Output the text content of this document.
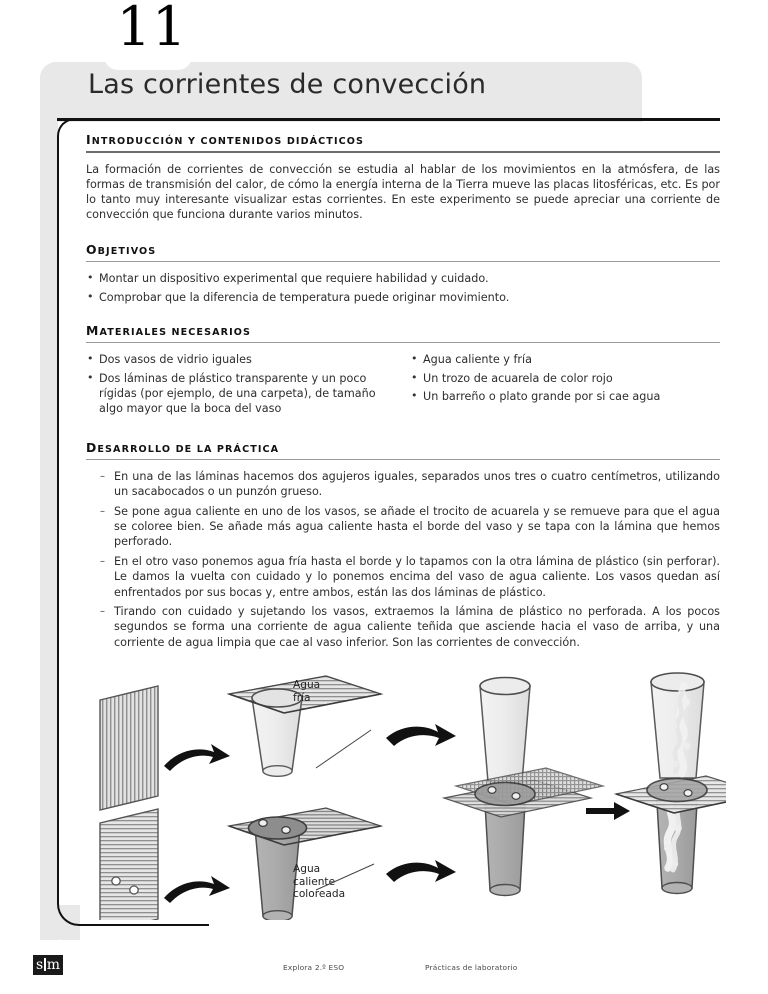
11
Las corrientes de convección
INTRODUCCIÓN Y CONTENIDOS DIDÁCTICOS

La formación de corrientes de convección se estudia al hablar de los movimientos en la atmósfera, de las formas de transmisión del calor, de cómo la energía interna de la Tierra mueve las placas litosféricas, etc. Es por lo tanto muy interesante visualizar estas corrientes. En este experimento se puede apreciar una corriente de convección que funciona durante varios minutos.

OBJETIVOS
• Montar un dispositivo experimental que requiere habilidad y cuidado.
• Comprobar que la diferencia de temperatura puede originar movimiento.
MATERIALES NECESARIOS
• Dos vasos de vidrio iguales
• Dos láminas de plástico transparente y un poco rígidas (por ejemplo, de una carpeta), de tamaño algo mayor que la boca del vaso
• Agua caliente y fría
• Un trozo de acuarela de color rojo
• Un barreño o plato grande por si cae agua
DESARROLLO DE LA PRÁCTICA
– En una de las láminas hacemos dos agujeros iguales, separados unos tres o cuatro centímetros, utilizando un sacabocados o un punzón grueso.
– Se pone agua caliente en uno de los vasos, se añade el trocito de acuarela y se remueve para que el agua se coloree bien. Se añade más agua caliente hasta el borde del vaso y se tapa con la lámina que hemos perforado.
– En el otro vaso ponemos agua fría hasta el borde y lo tapamos con la otra lámina de plástico (sin perforar). Le damos la vuelta con cuidado y lo ponemos encima del vaso de agua caliente. Los vasos quedan así enfrentados por sus bocas y, entre ambos, están las dos láminas de plástico.
– Tirando con cuidado y sujetando los vasos, extraemos la lámina de plástico no perforada. A los pocos segundos se forma una corriente de agua caliente teñida que asciende hacia el vaso de arriba, y una corriente de agua limpia que cae al vaso inferior. Son las corrientes de convección.
Agua
fría
Agua
caliente
coloreada
s m	Explora 2.º ESO	Prácticas de laboratorio
